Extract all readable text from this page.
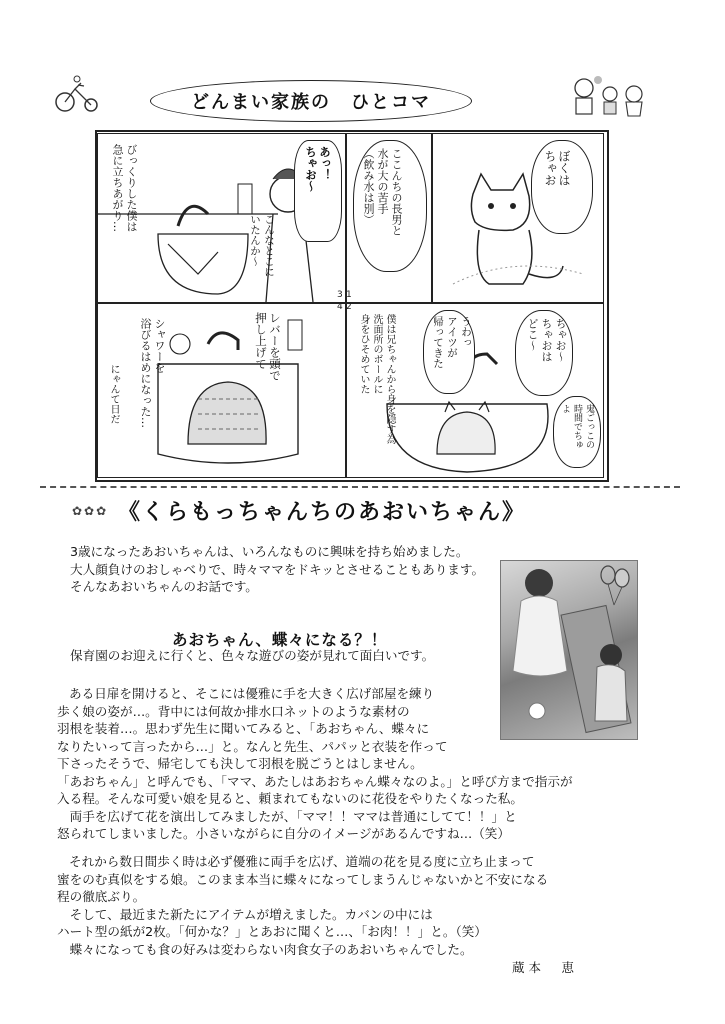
どんまい家族の　ひとコマ
ぼくは
ちゃお
ここんちの長男と
水が大の苦手
（飲み水は別）
あっ！
ちゃお〜
こんなとこに
いたんか〜
びっくりした僕は
急に立ちあがり…
ちゃお〜
ちゃおは
どこ〜
うわっ
アイツが
帰ってきた
僕は兄ちゃんから身を隠す為
洗面所のボールに
身をひそめていた
鬼ごっこの
時間でちゅ
よ
レバーを頭で
押し上げて
シャワーを
浴びるはめになった…
にゃんて日だ
3 1
4 2
✿✿✿ 《くらもっちゃんちのあおいちゃん》
3歳になったあおいちゃんは、いろんなものに興味を持ち始めました。
大人顔負けのおしゃべりで、時々ママをドキッとさせることもあります。
そんなあおいちゃんのお話です。
あおちゃん、蝶々になる？！
保育園のお迎えに行くと、色々な遊びの姿が見れて面白いです。
ある日扉を開けると、そこには優雅に手を大きく広げ部屋を練り
歩く娘の姿が…。背中には何故か排水口ネットのような素材の
羽根を装着…。思わず先生に聞いてみると、「あおちゃん、蝶々に
なりたいって言ったから…」と。なんと先生、パパッと衣装を作って
下さったそうで、帰宅しても決して羽根を脱ごうとはしません。
「あおちゃん」と呼んでも、「ママ、あたしはあおちゃん蝶々なのよ。」と呼び方まで指示が
入る程。そんな可愛い娘を見ると、頼まれてもないのに花役をやりたくなった私。
　両手を広げて花を演出してみましたが、「ママ！！ママは普通にしてて！！」と
怒られてしまいました。小さいながらに自分のイメージがあるんですね…（笑）
それから数日間歩く時は必ず優雅に両手を広げ、道端の花を見る度に立ち止まって
蜜をのむ真似をする娘。このまま本当に蝶々になってしまうんじゃないかと不安になる
程の徹底ぶり。
　そして、最近また新たにアイテムが増えました。カバンの中には
ハート型の紙が2枚。「何かな？」とあおに聞くと…、「お肉！！」と。（笑）
　蝶々になっても食の好みは変わらない肉食女子のあおいちゃんでした。
蔵本　恵
